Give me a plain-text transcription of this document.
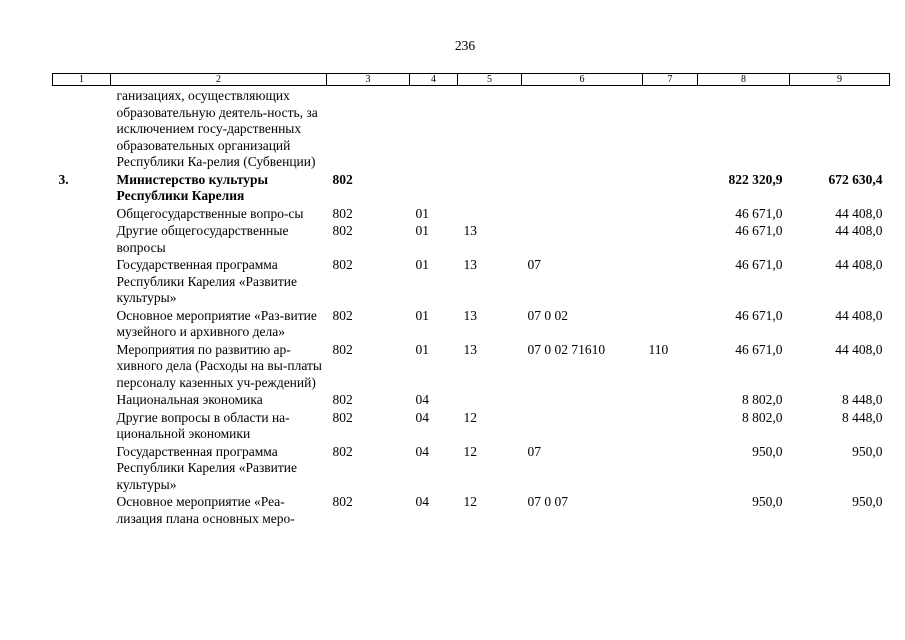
236
1	2	3	4	5	6	7	8	9
	ганизациях, осуществляющих образовательную деятель-ность, за исключением госу-дарственных образовательных организаций Республики Ка-релия (Субвенции)							
3.	Министерство культуры Республики Карелия	802					822 320,9	672 630,4
	Общегосударственные вопро-сы	802	01				46 671,0	44 408,0
	Другие общегосударственные вопросы	802	01	13			46 671,0	44 408,0
	Государственная программа Республики Карелия «Развитие культуры»	802	01	13	07		46 671,0	44 408,0
	Основное мероприятие «Раз-витие музейного и архивного дела»	802	01	13	07 0 02		46 671,0	44 408,0
	Мероприятия по развитию ар-хивного дела (Расходы на вы-платы персоналу казенных уч-реждений)	802	01	13	07 0 02 71610	110	46 671,0	44 408,0
	Национальная экономика	802	04				8 802,0	8 448,0
	Другие вопросы в области на-циональной экономики	802	04	12			8 802,0	8 448,0
	Государственная программа Республики Карелия «Развитие культуры»	802	04	12	07		950,0	950,0
	Основное мероприятие «Реа-лизация плана основных меро-	802	04	12	07 0 07		950,0	950,0
